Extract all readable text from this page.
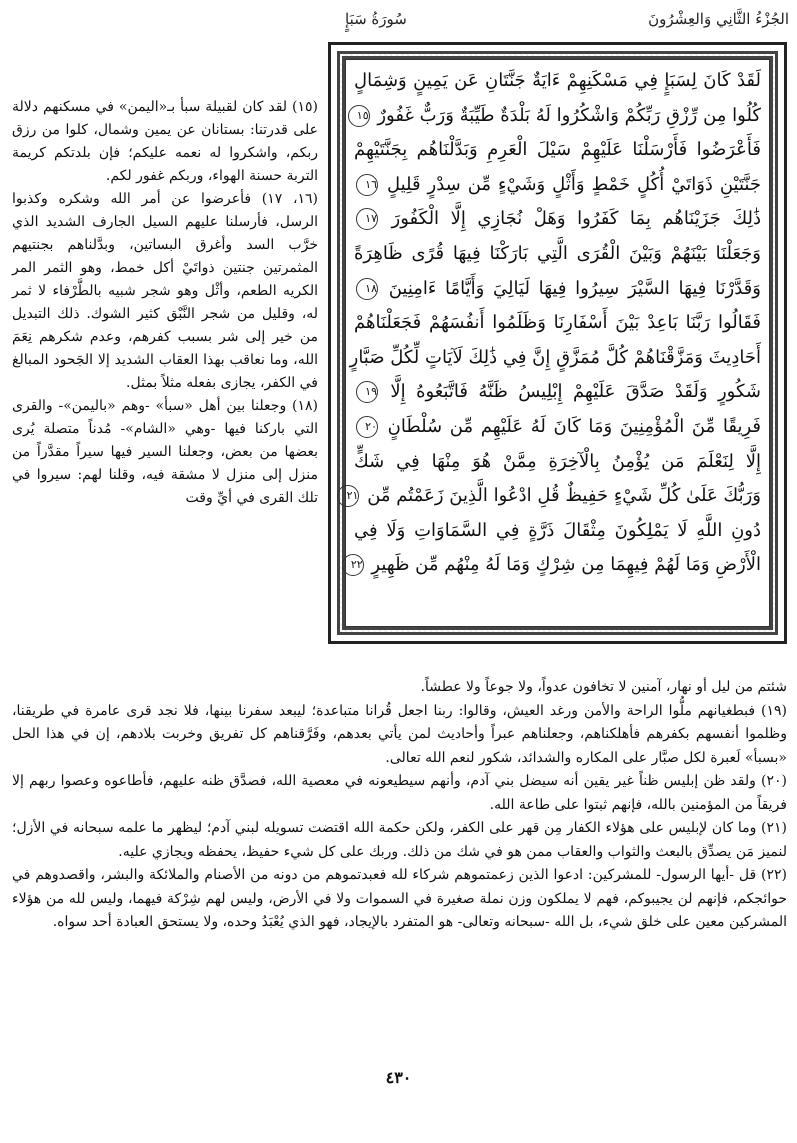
سُورَةُ سَبَإٍ	الجُزْءُ الثَّانِي وَالعِشْرُونَ
لَقَدْ كَانَ لِسَبَإٍ فِي مَسْكَنِهِمْ ءَايَةٌ جَنَّتَانِ عَن يَمِينٍ وَشِمَالٍ
كُلُوا مِن رِّزْقِ رَبِّكُمْ وَاشْكُرُوا لَهُ بَلْدَةٌ طَيِّبَةٌ وَرَبٌّ غَفُورٌ ١٥
فَأَعْرَضُوا فَأَرْسَلْنَا عَلَيْهِمْ سَيْلَ الْعَرِمِ وَبَدَّلْنَاهُم بِجَنَّتَيْهِمْ
جَنَّتَيْنِ ذَوَاتَيْ أُكُلٍ خَمْطٍ وَأَثْلٍ وَشَيْءٍ مِّن سِدْرٍ قَلِيلٍ ١٦
ذَٰلِكَ جَزَيْنَاهُم بِمَا كَفَرُوا وَهَلْ نُجَازِي إِلَّا الْكَفُورَ ١٧
وَجَعَلْنَا بَيْنَهُمْ وَبَيْنَ الْقُرَى الَّتِي بَارَكْنَا فِيهَا قُرًى ظَاهِرَةً
وَقَدَّرْنَا فِيهَا السَّيْرَ سِيرُوا فِيهَا لَيَالِيَ وَأَيَّامًا ءَامِنِينَ ١٨
فَقَالُوا رَبَّنَا بَاعِدْ بَيْنَ أَسْفَارِنَا وَظَلَمُوا أَنفُسَهُمْ فَجَعَلْنَاهُمْ
أَحَادِيثَ وَمَزَّقْنَاهُمْ كُلَّ مُمَزَّقٍ إِنَّ فِي ذَٰلِكَ لَآيَاتٍ لِّكُلِّ صَبَّارٍ
شَكُورٍ وَلَقَدْ صَدَّقَ عَلَيْهِمْ إِبْلِيسُ ظَنَّهُ فَاتَّبَعُوهُ إِلَّا ١٩
فَرِيقًا مِّنَ الْمُؤْمِنِينَ وَمَا كَانَ لَهُ عَلَيْهِم مِّن سُلْطَانٍ ٢٠
إِلَّا لِنَعْلَمَ مَن يُؤْمِنُ بِالْآخِرَةِ مِمَّنْ هُوَ مِنْهَا فِي شَكٍّ
وَرَبُّكَ عَلَىٰ كُلِّ شَيْءٍ حَفِيظٌ قُلِ ادْعُوا الَّذِينَ زَعَمْتُم مِّن ٢١
دُونِ اللَّهِ لَا يَمْلِكُونَ مِثْقَالَ ذَرَّةٍ فِي السَّمَاوَاتِ وَلَا فِي
الْأَرْضِ وَمَا لَهُمْ فِيهِمَا مِن شِرْكٍ وَمَا لَهُ مِنْهُم مِّن ظَهِيرٍ ٢٢

(١٥) لقد كان لقبيلة سبأ بـ«اليمن» في مسكنهم دلالة على قدرتنا: بستانان عن يمين وشمال، كلوا من رزق ربكم، واشكروا له نعمه عليكم؛ فإن بلدتكم كريمة التربة حسنة الهواء، وربكم غفور لكم.

(١٦، ١٧) فأعرضوا عن أمر الله وشكره وكذبوا الرسل، فأرسلنا عليهم السيل الجارف الشديد الذي خرَّب السد وأغرق البساتين، وبدَّلناهم بجنتيهم المثمرتين جنتين ذواتَيْ أكل خمط، وهو الثمر المر الكريه الطعم، وأثْل وهو شجر شبيه بالطَّرْفاء لا ثمر له، وقليل من شجر النَّبْق كثير الشوك. ذلك التبديل من خير إلى شر بسبب كفرهم، وعدم شكرهم نِعَمَ الله، وما نعاقب بهذا العقاب الشديد إلا الجَحود المبالغ في الكفر، يجازى بفعله مثلاً بمثل.

(١٨) وجعلنا بين أهل «سبأ» -وهم «باليمن»- والقرى التي باركنا فيها -وهي «الشام»- مُدناً متصلة يُرى بعضها من بعض، وجعلنا السير فيها سيراً مقدَّراً من منزل إلى منزل لا مشقة فيه، وقلنا لهم: سيروا في تلك القرى في أيِّ وقت

شئتم من ليل أو نهار، آمنين لا تخافون عدواً، ولا جوعاً ولا عطشاً.

(١٩) فبطغيانهم ملُّوا الراحة والأمن ورغد العيش، وقالوا: ربنا اجعل قُرانا متباعدة؛ ليبعد سفرنا بينها، فلا نجد قرى عامرة في طريقنا، وظلموا أنفسهم بكفرهم فأهلكناهم، وجعلناهم عبراً وأحاديث لمن يأتي بعدهم، وفَرَّقناهم كل تفريق وخربت بلادهم، إن في هذا الحل «بسبأ» لَعبرة لكل صبَّار على المكاره والشدائد، شكور لنعم الله تعالى.

(٢٠) ولقد ظن إبليس ظناً غير يقين أنه سيضل بني آدم، وأنهم سيطيعونه في معصية الله، فصدَّق ظنه عليهم، فأطاعوه وعصوا ربهم إلا فريقاً من المؤمنين بالله، فإنهم ثبتوا على طاعة الله.

(٢١) وما كان لإبليس على هؤلاء الكفار مِن قهر على الكفر، ولكن حكمة الله اقتضت تسويله لبني آدم؛ ليظهر ما علمه سبحانه في الأزل؛ لنميز مَن يصدِّق بالبعث والثواب والعقاب ممن هو في شك من ذلك. وربك على كل شيء حفيظ، يحفظه ويجازي عليه.

(٢٢) قل -أيها الرسول- للمشركين: ادعوا الذين زعمتموهم شركاء لله فعبدتموهم من دونه من الأصنام والملائكة والبشر، واقصدوهم في حوائجكم، فإنهم لن يجيبوكم، فهم لا يملكون وزن نملة صغيرة في السموات ولا في الأرض، وليس لهم شِرْكة فيهما، وليس لله من هؤلاء المشركين معين على خلق شيء، بل الله -سبحانه وتعالى- هو المتفرد بالإيجاد، فهو الذي يُعْبَدُ وحده، ولا يستحق العبادة أحد سواه.

٤٣٠
